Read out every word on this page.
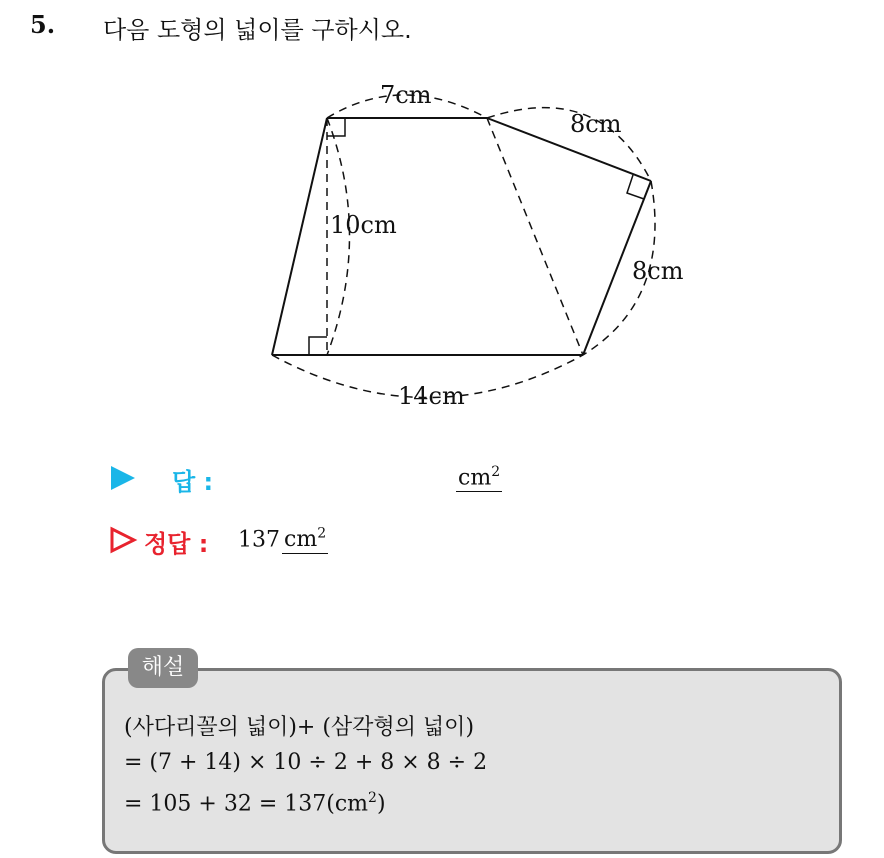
5. 다음 도형의 넓이를 구하시오.
7cm
8cm
8cm
10cm
14cm
답 :	$cm^2$
정답 : 137 $cm^2$
해설
(사다리꼴의 넓이)+ (삼각형의 넓이)
= (7 + 14) × 10 ÷ 2 + 8 × 8 ÷ 2
= $105 + 32 = 137(cm^2)$
